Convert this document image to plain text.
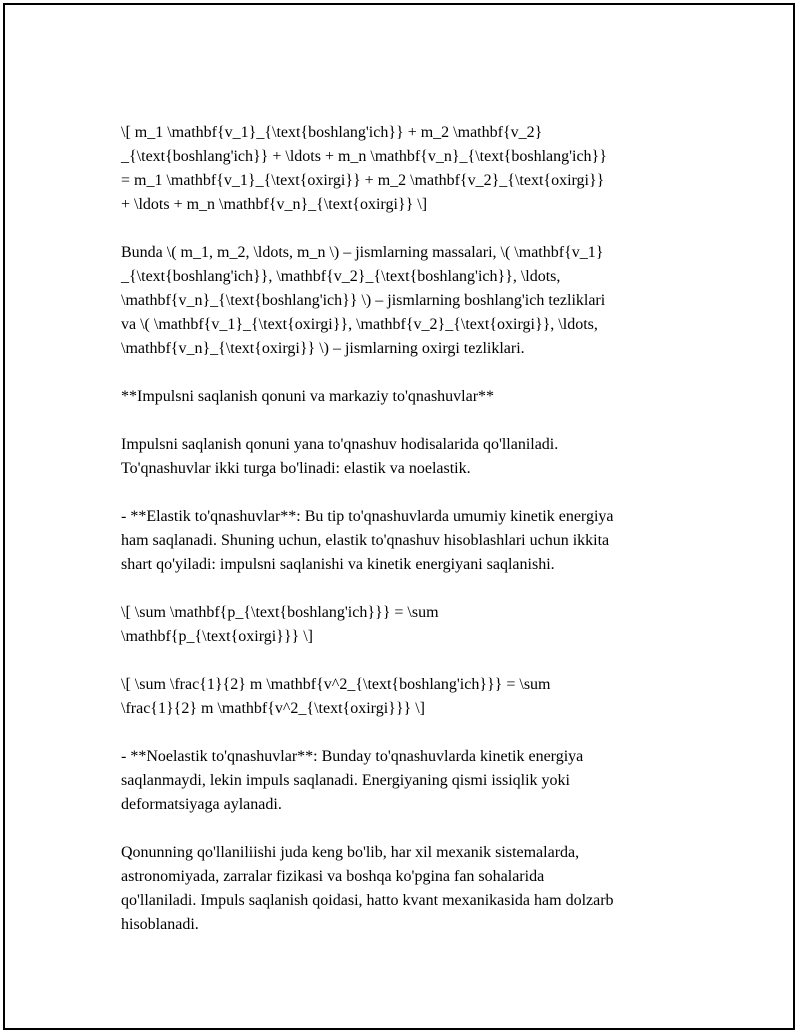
\[ m_1 \mathbf{v_1}_{\text{boshlang'ich}} + m_2 \mathbf{v_2}
_{\text{boshlang'ich}} + \ldots + m_n \mathbf{v_n}_{\text{boshlang'ich}}
= m_1 \mathbf{v_1}_{\text{oxirgi}} + m_2 \mathbf{v_2}_{\text{oxirgi}}
+ \ldots + m_n \mathbf{v_n}_{\text{oxirgi}} \]

Bunda \( m_1, m_2, \ldots, m_n \) – jismlarning massalari, \( \mathbf{v_1}
_{\text{boshlang'ich}}, \mathbf{v_2}_{\text{boshlang'ich}}, \ldots,
\mathbf{v_n}_{\text{boshlang'ich}} \) – jismlarning boshlang'ich tezliklari
va \( \mathbf{v_1}_{\text{oxirgi}}, \mathbf{v_2}_{\text{oxirgi}}, \ldots,
\mathbf{v_n}_{\text{oxirgi}} \) – jismlarning oxirgi tezliklari.

**Impulsni saqlanish qonuni va markaziy to'qnashuvlar**

Impulsni saqlanish qonuni yana to'qnashuv hodisalarida qo'llaniladi.
To'qnashuvlar ikki turga bo'linadi: elastik va noelastik.

- **Elastik to'qnashuvlar**: Bu tip to'qnashuvlarda umumiy kinetik energiya
ham saqlanadi. Shuning uchun, elastik to'qnashuv hisoblashlari uchun ikkita
shart qo'yiladi: impulsni saqlanishi va kinetik energiyani saqlanishi.

\[ \sum \mathbf{p_{\text{boshlang'ich}}} = \sum
\mathbf{p_{\text{oxirgi}}} \]

\[ \sum \frac{1}{2} m \mathbf{v^2_{\text{boshlang'ich}}} = \sum
\frac{1}{2} m \mathbf{v^2_{\text{oxirgi}}} \]

- **Noelastik to'qnashuvlar**: Bunday to'qnashuvlarda kinetik energiya
saqlanmaydi, lekin impuls saqlanadi. Energiyaning qismi issiqlik yoki
deformatsiyaga aylanadi.

Qonunning qo'llaniliishi juda keng bo'lib, har xil mexanik sistemalarda,
astronomiyada, zarralar fizikasi va boshqa ko'pgina fan sohalarida
qo'llaniladi. Impuls saqlanish qoidasi, hatto kvant mexanikasida ham dolzarb
hisoblanadi.
